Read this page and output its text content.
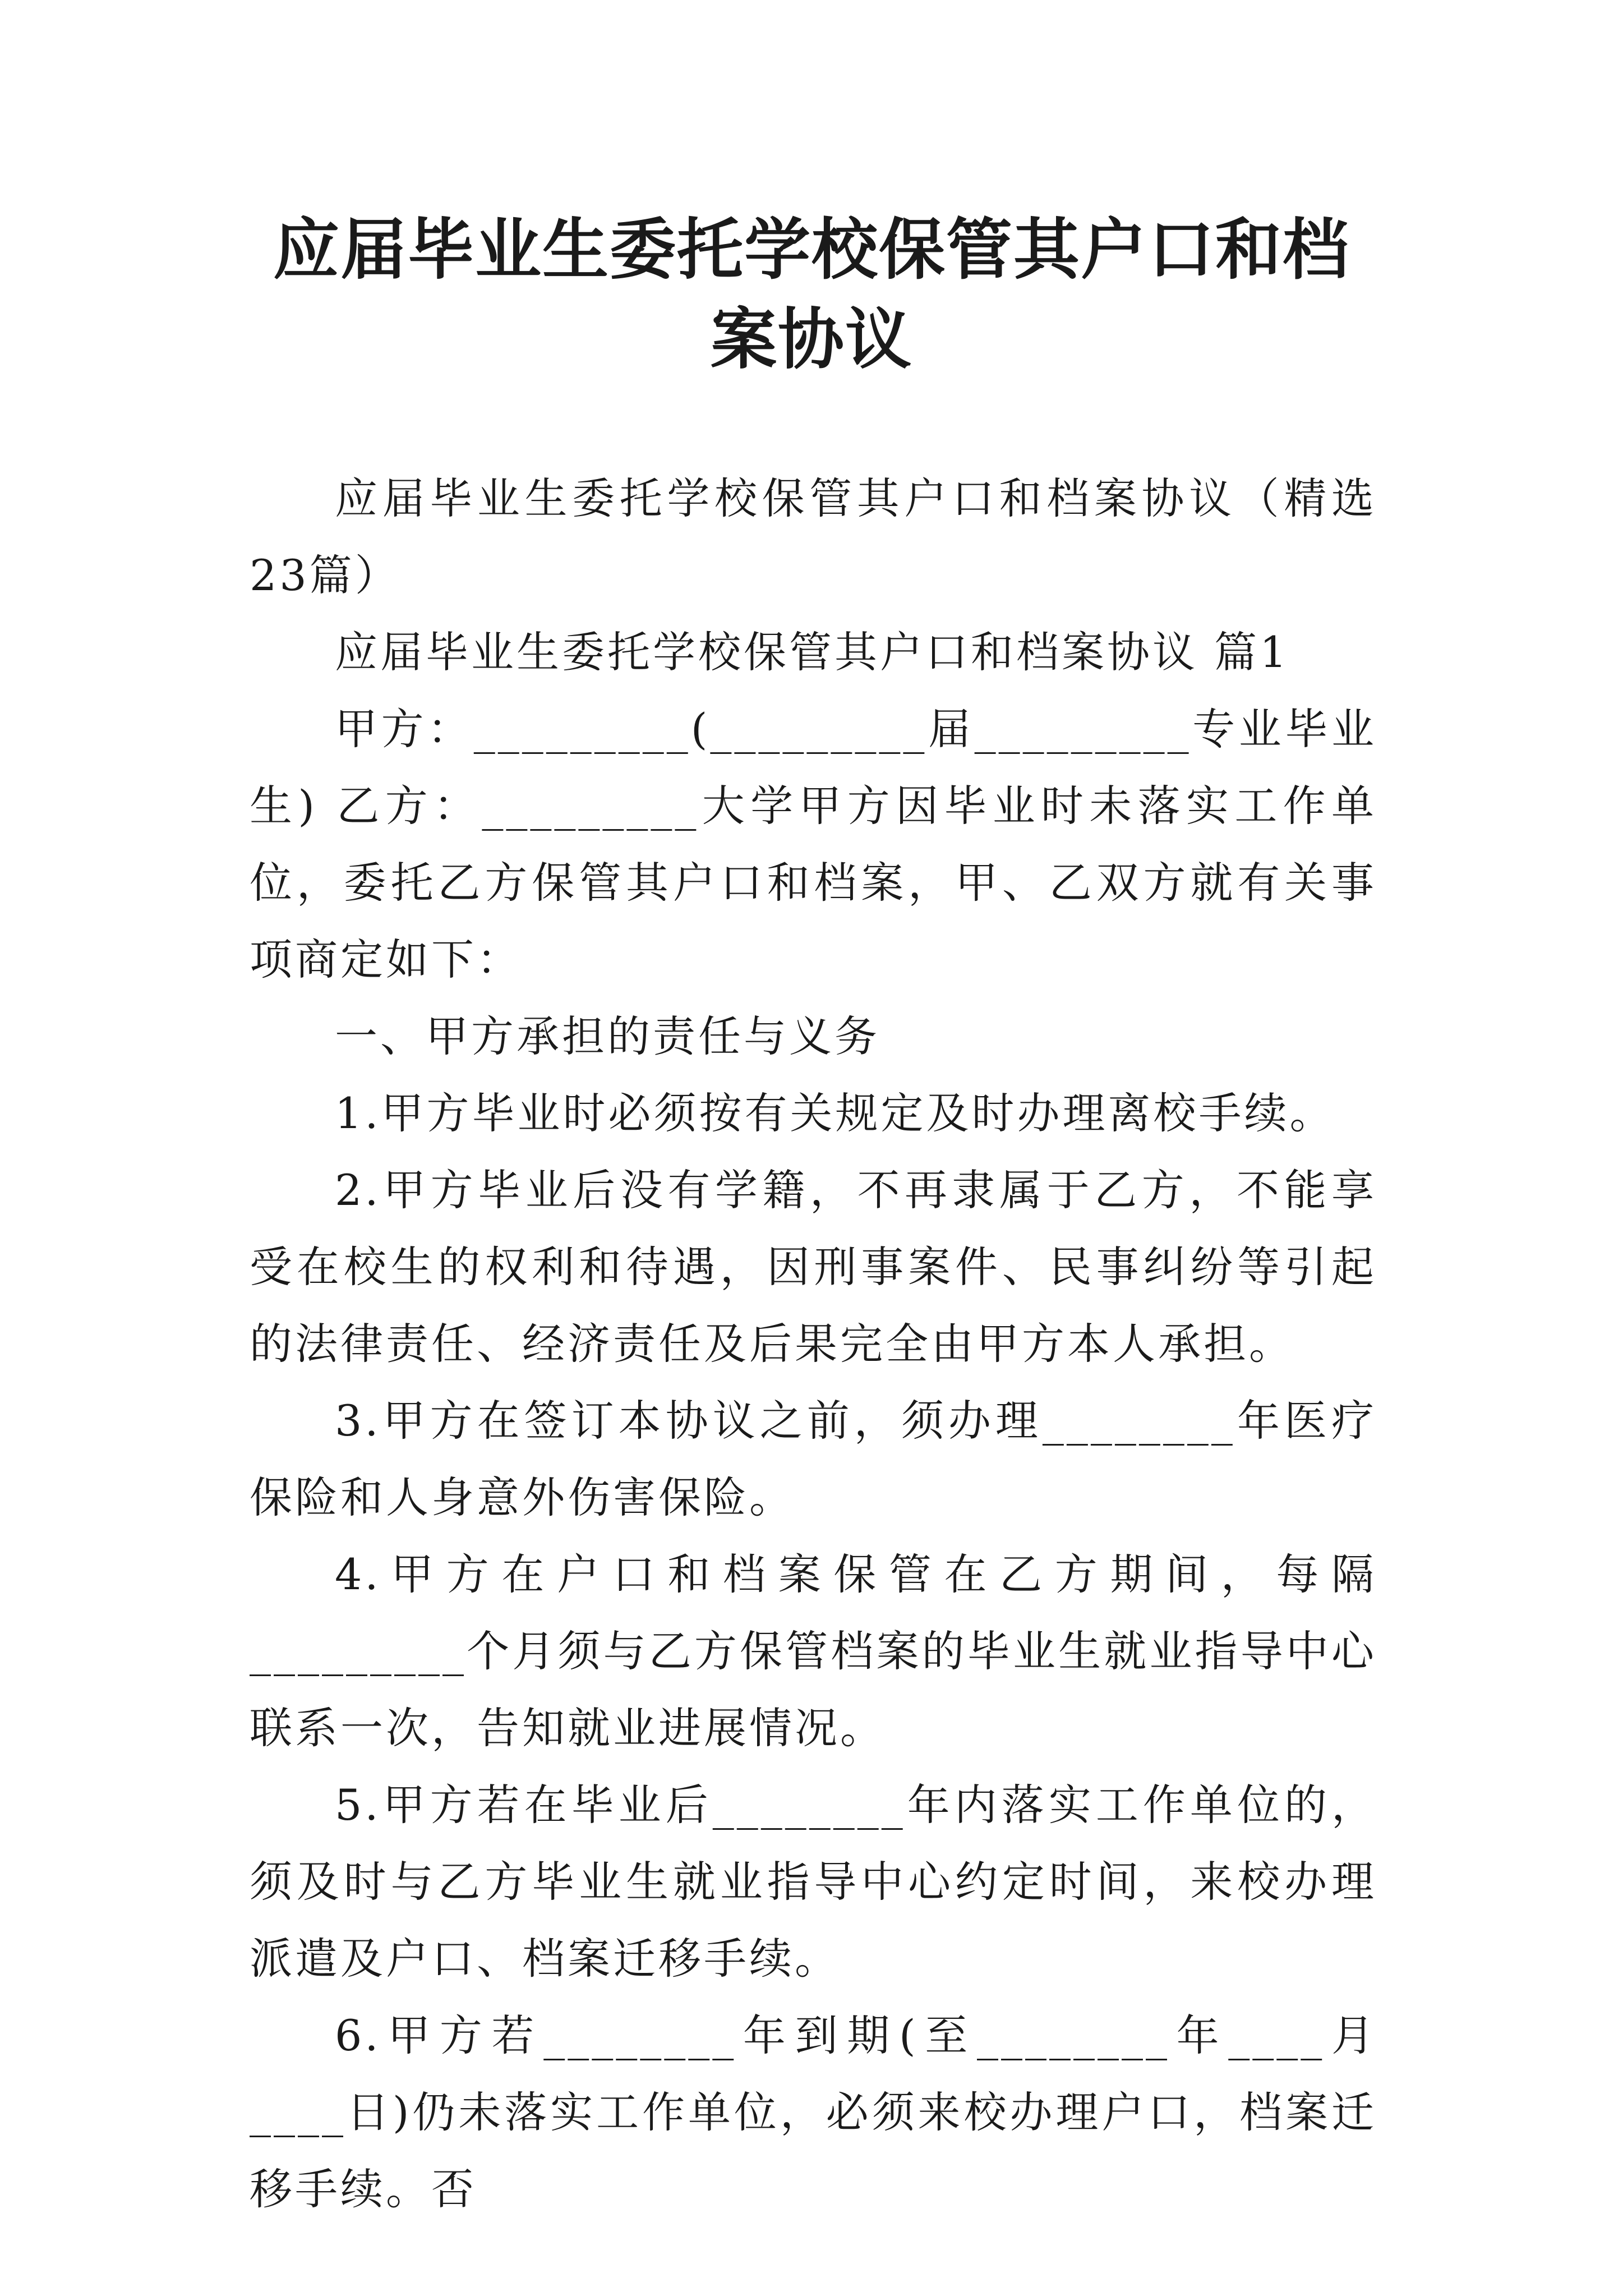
应届毕业生委托学校保管其户口和档案协议

应届毕业生委托学校保管其户口和档案协议（精选23篇）

应届毕业生委托学校保管其户口和档案协议 篇1

甲方：_________(_________届_________专业毕业生) 乙方：_________大学甲方因毕业时未落实工作单位，委托乙方保管其户口和档案，甲、乙双方就有关事项商定如下：

一、甲方承担的责任与义务

1.甲方毕业时必须按有关规定及时办理离校手续。

2.甲方毕业后没有学籍，不再隶属于乙方，不能享受在校生的权利和待遇，因刑事案件、民事纠纷等引起的法律责任、经济责任及后果完全由甲方本人承担。

3.甲方在签订本协议之前，须办理________年医疗保险和人身意外伤害保险。

4.甲方在户口和档案保管在乙方期间，每隔_________个月须与乙方保管档案的毕业生就业指导中心联系一次，告知就业进展情况。

5.甲方若在毕业后________年内落实工作单位的，须及时与乙方毕业生就业指导中心约定时间，来校办理派遣及户口、档案迁移手续。

6.甲方若________年到期(至________年____月____日)仍未落实工作单位，必须来校办理户口，档案迁移手续。否
